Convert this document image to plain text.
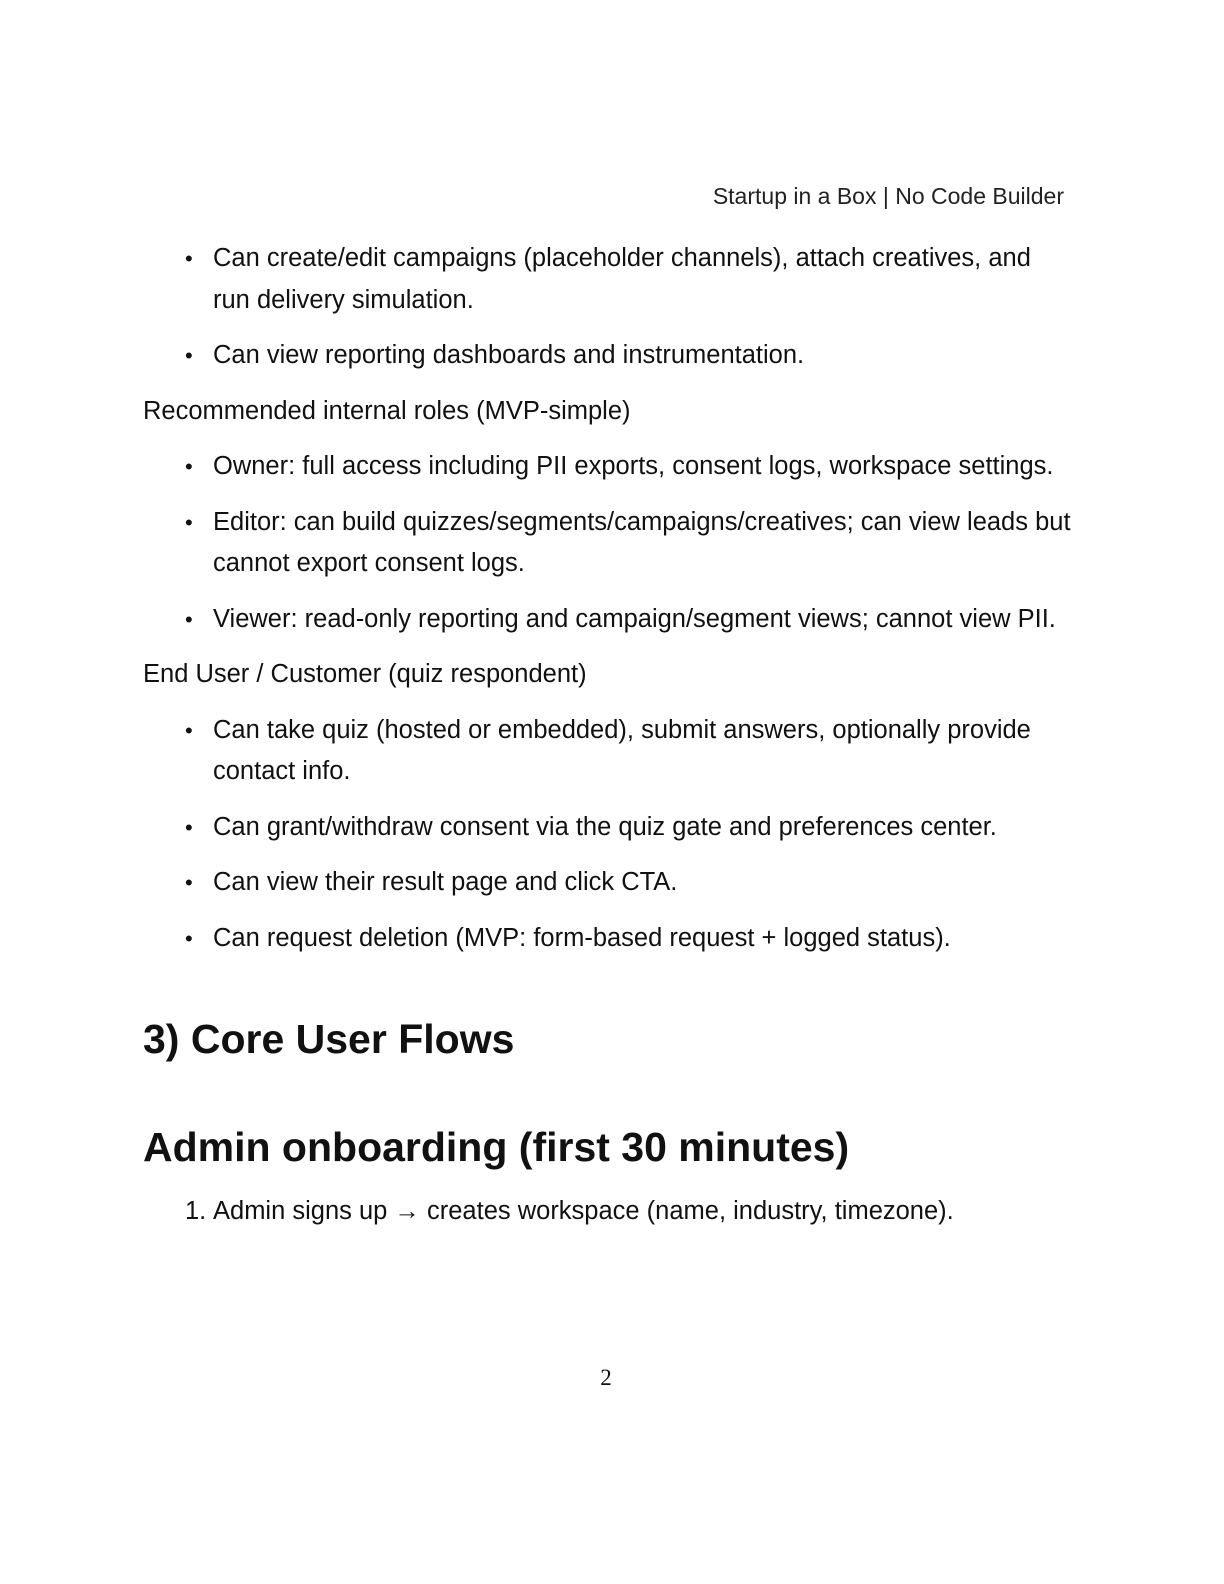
Startup in a Box | No Code Builder
• Can create/edit campaigns (placeholder channels), attach creatives, and run delivery simulation.
• Can view reporting dashboards and instrumentation.

Recommended internal roles (MVP-simple)

• Owner: full access including PII exports, consent logs, workspace settings.
• Editor: can build quizzes/segments/campaigns/creatives; can view leads but cannot export consent logs.
• Viewer: read-only reporting and campaign/segment views; cannot view PII.

End User / Customer (quiz respondent)

• Can take quiz (hosted or embedded), submit answers, optionally provide contact info.
• Can grant/withdraw consent via the quiz gate and preferences center.
• Can view their result page and click CTA.
• Can request deletion (MVP: form-based request + logged status).
3) Core User Flows
Admin onboarding (first 30 minutes)
1. Admin signs up → creates workspace (name, industry, timezone).
2
